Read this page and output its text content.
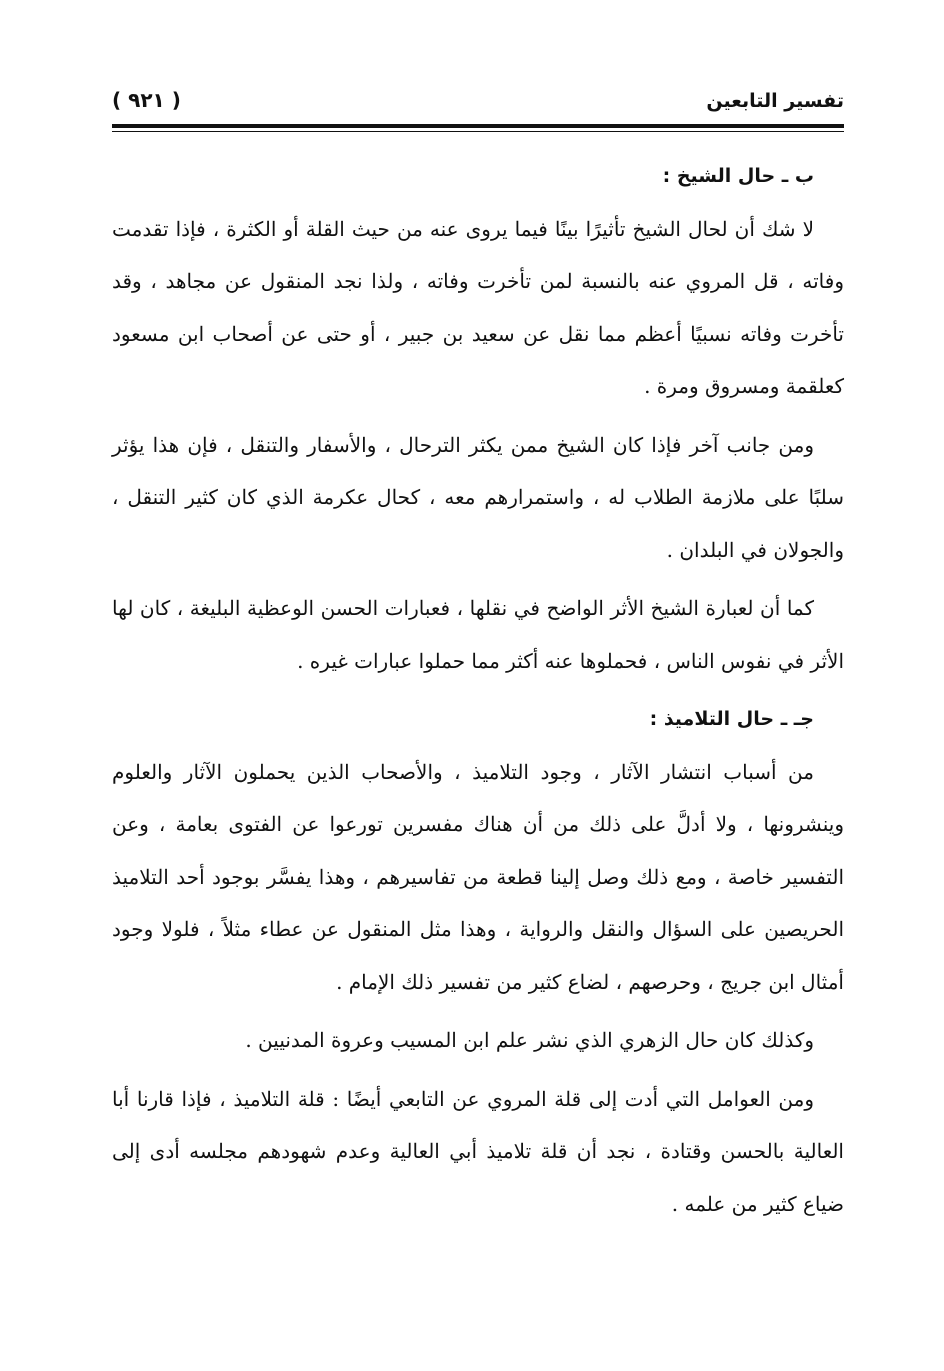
تفسير التابعين
( ٩٢١ )

ب ـ حال الشيخ :

لا شك أن لحال الشيخ تأثيرًا بينًا فيما يروى عنه من حيث القلة أو الكثرة ، فإذا تقدمت وفاته ، قل المروي عنه بالنسبة لمن تأخرت وفاته ، ولذا نجد المنقول عن مجاهد ، وقد تأخرت وفاته نسبيًا أعظم مما نقل عن سعيد بن جبير ، أو حتى عن أصحاب ابن مسعود كعلقمة ومسروق ومرة .

ومن جانب آخر فإذا كان الشيخ ممن يكثر الترحال ، والأسفار والتنقل ، فإن هذا يؤثر سلبًا على ملازمة الطلاب له ، واستمرارهم معه ، كحال عكرمة الذي كان كثير التنقل ، والجولان في البلدان .

كما أن لعبارة الشيخ الأثر الواضح في نقلها ، فعبارات الحسن الوعظية البليغة ، كان لها الأثر في نفوس الناس ، فحملوها عنه أكثر مما حملوا عبارات غيره .

جـ ـ حال التلاميذ :

من أسباب انتشار الآثار ، وجود التلاميذ ، والأصحاب الذين يحملون الآثار والعلوم وينشرونها ، ولا أدلَّ على ذلك من أن هناك مفسرين تورعوا عن الفتوى بعامة ، وعن التفسير خاصة ، ومع ذلك وصل إلينا قطعة من تفاسيرهم ، وهذا يفسَّر بوجود أحد التلاميذ الحريصين على السؤال والنقل والرواية ، وهذا مثل المنقول عن عطاء مثلاً ، فلولا وجود أمثال ابن جريج ، وحرصهم ، لضاع كثير من تفسير ذلك الإمام .

وكذلك كان حال الزهري الذي نشر علم ابن المسيب وعروة المدنيين .

ومن العوامل التي أدت إلى قلة المروي عن التابعي أيضًا : قلة التلاميذ ، فإذا قارنا أبا العالية بالحسن وقتادة ، نجد أن قلة تلاميذ أبي العالية وعدم شهودهم مجلسه أدى إلى ضياع كثير من علمه .
